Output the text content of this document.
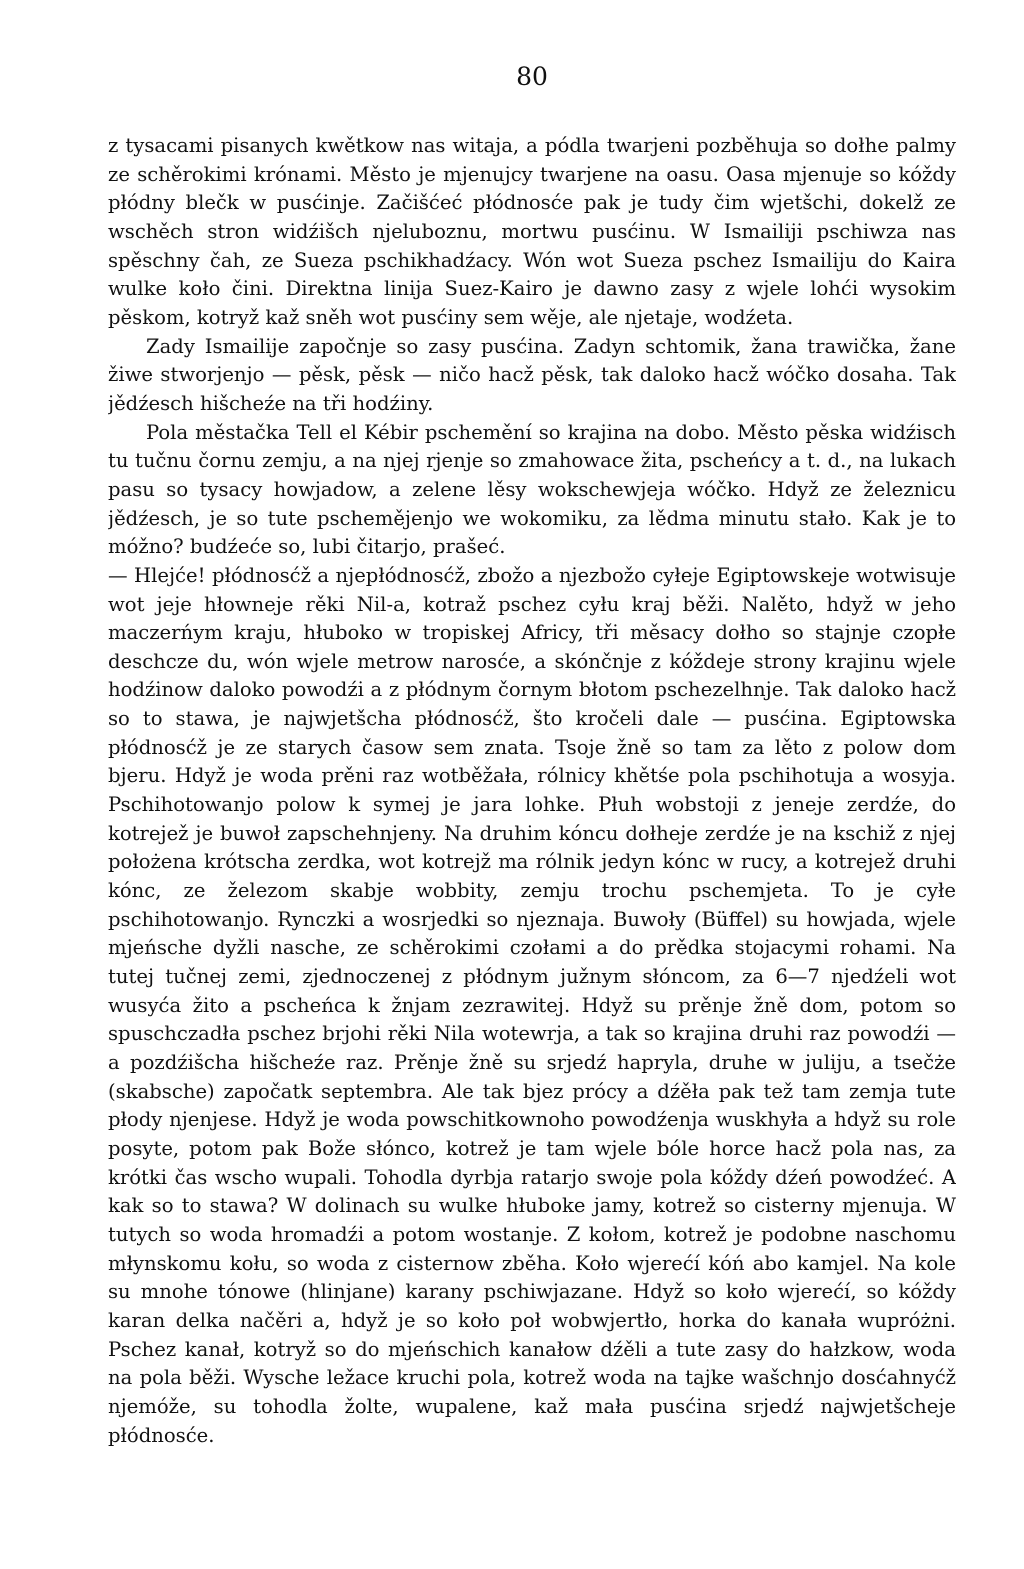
80

z tysacami pisanych kwětkow nas witaja, a pódla twarjeni pozběhuja so dołhe palmy ze schěrokimi krónami. Město je mjenujcy twarjene na oasu. Oasa mjenuje so kóždy płódny blečk w pusćinje. Začišćeć płódnosće pak je tudy čim wjetšchi, dokelž ze wschěch stron widźišch njeluboznu, mortwu pusćinu. W Ismailiji pschiwza nas spěschny čah, ze Sueza pschikhadźacy. Wón wot Sueza pschez Ismailiju do Kaira wulke koło čini. Direktna linija Suez-Kairo je dawno zasy z wjele lohći wysokim pěskom, kotryž kaž sněh wot pusćiny sem wěje, ale njetaje, wodźeta.

Zady Ismailije započnje so zasy pusćina. Zadyn schtomik, žana trawička, žane žiwe stworjenjo — pěsk, pěsk — ničo hacž pěsk, tak daloko hacž wóčko dosaha. Tak jědźesch hišcheźe na tři hodźiny.

Pola městačka Tell el Kébir pschemění so krajina na dobo. Město pěska widźisch tu tučnu čornu zemju, a na njej rjenje so zmahowace žita, pscheńcy a t. d., na lukach pasu so tysacy howjadow, a zelene lěsy wokschewjeja wóčko. Hdyž ze železnicu jědźesch, je so tute pschemějenjo we wokomiku, za lědma minutu stało. Kak je to móžno? budźeće so, lubi čitarjo, prašeć.

— Hlejće! płódnosćž a njepłódnosćž, zbožo a njezbožo cyłeje Egiptowskeje wotwisuje wot jeje hłowneje rěki Nil-a, kotraž pschez cyłu kraj běži. Nalěto, hdyž w jeho maczerńym kraju, hłuboko w tropiskej Africy, tři měsacy dołho so stajnje czopłe deschcze du, wón wjele metrow narosće, a skónčnje z kóždeje strony krajinu wjele hodźinow daloko powodźi a z płódnym čornym błotom pschezelhnje. Tak daloko hacž so to stawa, je najwjetšcha płódnosćž, što kročeli dale — pusćina. Egiptowska płódnosćž je ze starych časow sem znata. Tsoje žně so tam za lěto z polow dom bjeru. Hdyž je woda prěni raz wotběžała, rólnicy khětśe pola pschihotuja a wosyja. Pschihotowanjo polow k symej je jara lohke. Płuh wobstoji z jeneje zerdźe, do kotrejež je buwoł zapschehnjeny. Na druhim kóncu dołheje zerdźe je na kschiž z njej położena krótscha zerdka, wot kotrejž ma rólnik jedyn kónc w rucy, a kotrejež druhi kónc, ze železom skabje wobbity, zemju trochu pschemjeta. To je cyłe pschihotowanjo. Rynczki a wosrjedki so njeznaja. Buwoły (Büffel) su howjada, wjele mjeńsche dyžli nasche, ze schěrokimi czołami a do prědka stojacymi rohami. Na tutej tučnej zemi, zjednoczenej z płódnym južnym słóncom, za 6—7 njedźeli wot wusyća žito a pscheńca k žnjam zezrawitej. Hdyž su prěnje žně dom, potom so spuschczadła pschez brjohi rěki Nila wotewrja, a tak so krajina druhi raz powodźi — a pozdźišcha hišcheźe raz. Prěnje žně su srjedź hapryla, druhe w juliju, a tsečże (skabsche) započatk septembra. Ale tak bjez prócy a dźěła pak tež tam zemja tute płody njenjese. Hdyž je woda powschitkownoho powodźenja wuskhyła a hdyž su role posyte, potom pak Bože słónco, kotrež je tam wjele bóle horce hacž pola nas, za krótki čas wscho wupali. Tohodla dyrbja ratarjo swoje pola kóždy dźeń powodźeć. A kak so to stawa? W dolinach su wulke hłuboke jamy, kotrež so cisterny mjenuja. W tutych so woda hromadźi a potom wostanje. Z kołom, kotrež je podobne naschomu młynskomu kołu, so woda z cisternow zběha. Koło wjerećí kóń abo kamjel. Na kole su mnohe tónowe (hlinjane) karany pschiwjazane. Hdyž so koło wjerećí, so kóždy karan delka načěri a, hdyž je so koło poł wobwjertło, horka do kanała wupróżni. Pschez kanał, kotryž so do mjeńschich kanałow dźěli a tute zasy do hałzkow, woda na pola běži. Wysche ležace kruchi pola, kotrež woda na tajke wašchnjo dosćahnyćž njemóže, su tohodla žolte, wupalene, kaž mała pusćina srjedź najwjetšcheje płódnosće.
